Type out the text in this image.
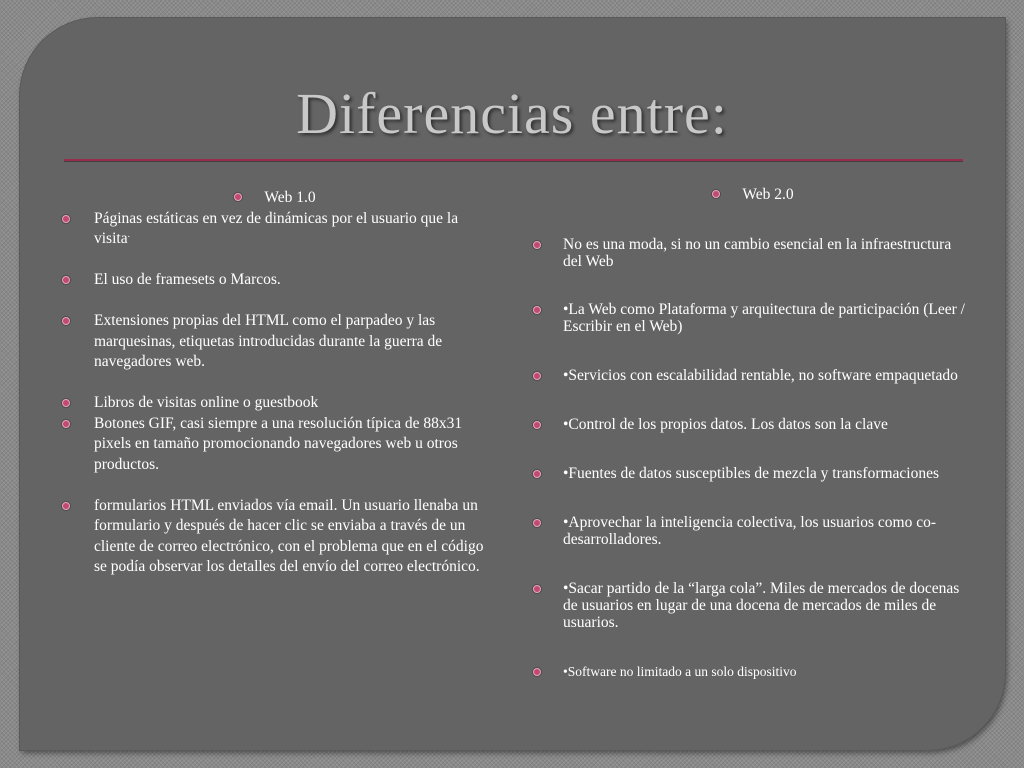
Diferencias entre:
Web 1.0
Páginas estáticas en vez de dinámicas por el usuario que la visita.
El uso de framesets o Marcos.
Extensiones propias del HTML como el parpadeo y las marquesinas, etiquetas introducidas durante la guerra de navegadores web.
Libros de visitas online o guestbook
Botones GIF, casi siempre a una resolución típica de 88x31 pixels en tamaño promocionando navegadores web u otros productos.
formularios HTML enviados vía email. Un usuario llenaba un formulario y después de hacer clic se enviaba a través de un cliente de correo electrónico, con el problema que en el código se podía observar los detalles del envío del correo electrónico.
Web 2.0
No es una moda, si no un cambio esencial en la infraestructura del Web
•La Web como Plataforma y arquitectura de participación (Leer / Escribir en el Web)
•Servicios con escalabilidad rentable, no software empaquetado
•Control de los propios datos. Los datos son la clave
•Fuentes de datos susceptibles de mezcla y transformaciones
•Aprovechar la inteligencia colectiva, los usuarios como co-desarrolladores.
•Sacar partido de la “larga cola”. Miles de mercados de docenas de usuarios en lugar de una docena de mercados de miles de usuarios.
•Software no limitado a un solo dispositivo
